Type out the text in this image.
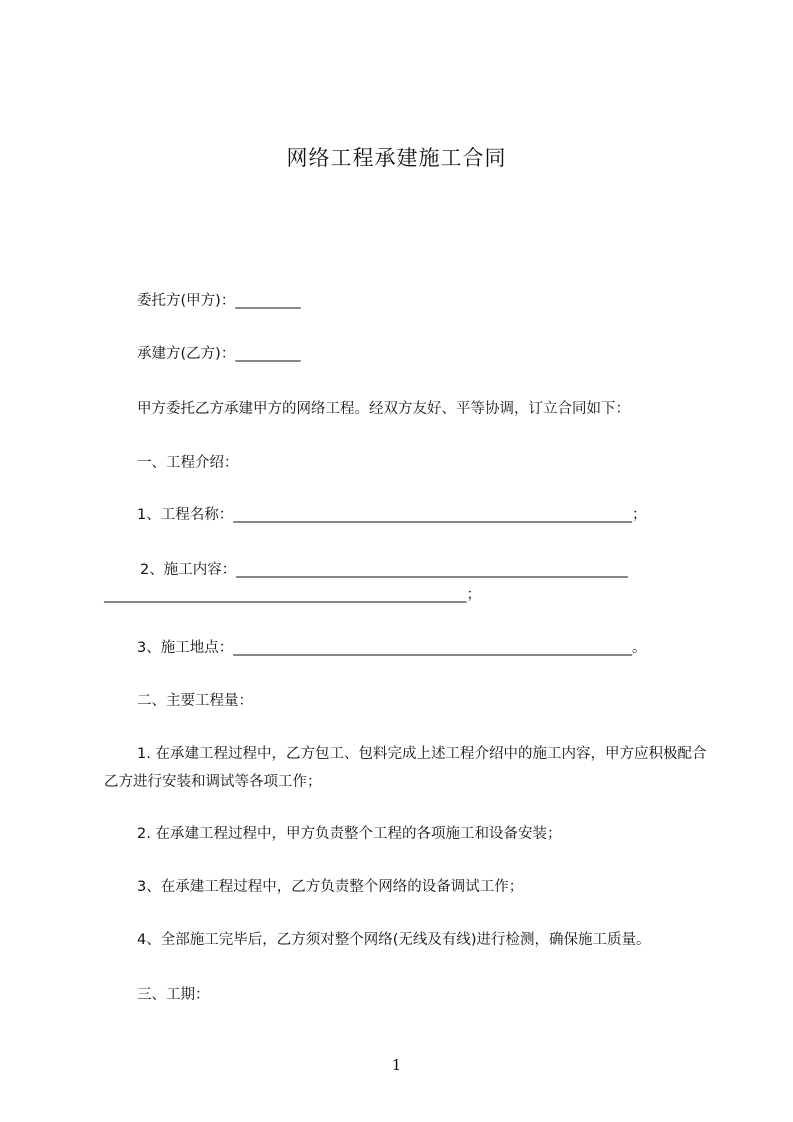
网络工程承建施工合同
委托方(甲方)：_________
承建方(乙方)：_________
甲方委托乙方承建甲方的网络工程。经双方友好、平等协调，订立合同如下：
一、工程介绍：
1、工程名称：_______________________________________________________；
2、施工内容：______________________________________________________
__________________________________________________；
3、施工地点：_______________________________________________________。
二、主要工程量：
1. 在承建工程过程中，乙方包工、包料完成上述工程介绍中的施工内容，甲方应积极配合乙方进行安装和调试等各项工作；
2. 在承建工程过程中，甲方负责整个工程的各项施工和设备安装；
3、在承建工程过程中，乙方负责整个网络的设备调试工作；
4、全部施工完毕后，乙方须对整个网络(无线及有线)进行检测，确保施工质量。
三、工期：
1
